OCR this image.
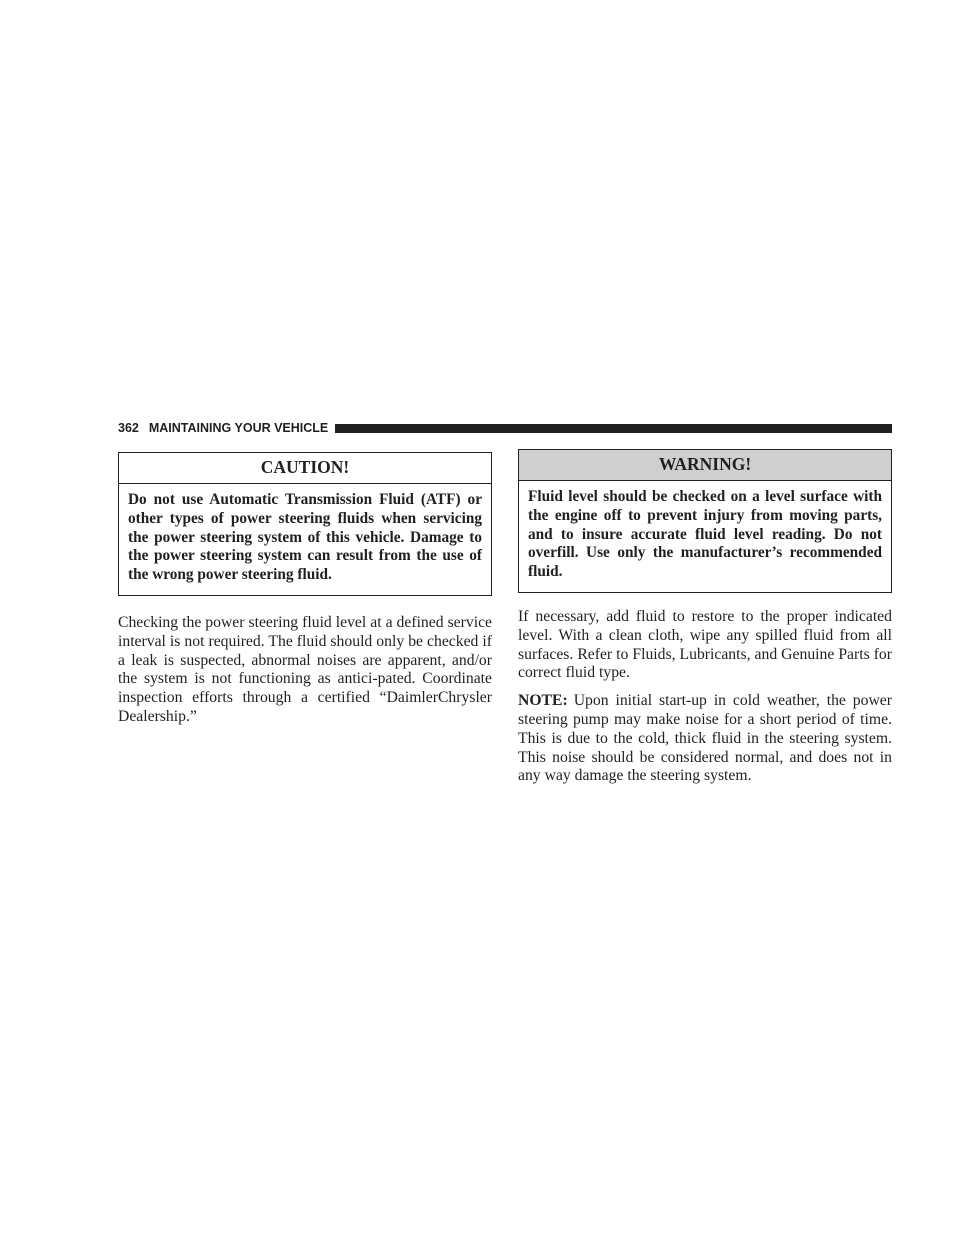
362 MAINTAINING YOUR VEHICLE
CAUTION!
Do not use Automatic Transmission Fluid (ATF) or other types of power steering fluids when servicing the power steering system of this vehicle. Damage to the power steering system can result from the use of the wrong power steering fluid.

Checking the power steering fluid level at a defined service interval is not required. The fluid should only be checked if a leak is suspected, abnormal noises are apparent, and/or the system is not functioning as antici-pated. Coordinate inspection efforts through a certified “DaimlerChrysler Dealership.”

WARNING!
Fluid level should be checked on a level surface with the engine off to prevent injury from moving parts, and to insure accurate fluid level reading. Do not overfill. Use only the manufacturer’s recommended fluid.

If necessary, add fluid to restore to the proper indicated level. With a clean cloth, wipe any spilled fluid from all surfaces. Refer to Fluids, Lubricants, and Genuine Parts for correct fluid type.

NOTE: Upon initial start-up in cold weather, the power steering pump may make noise for a short period of time. This is due to the cold, thick fluid in the steering system. This noise should be considered normal, and does not in any way damage the steering system.
